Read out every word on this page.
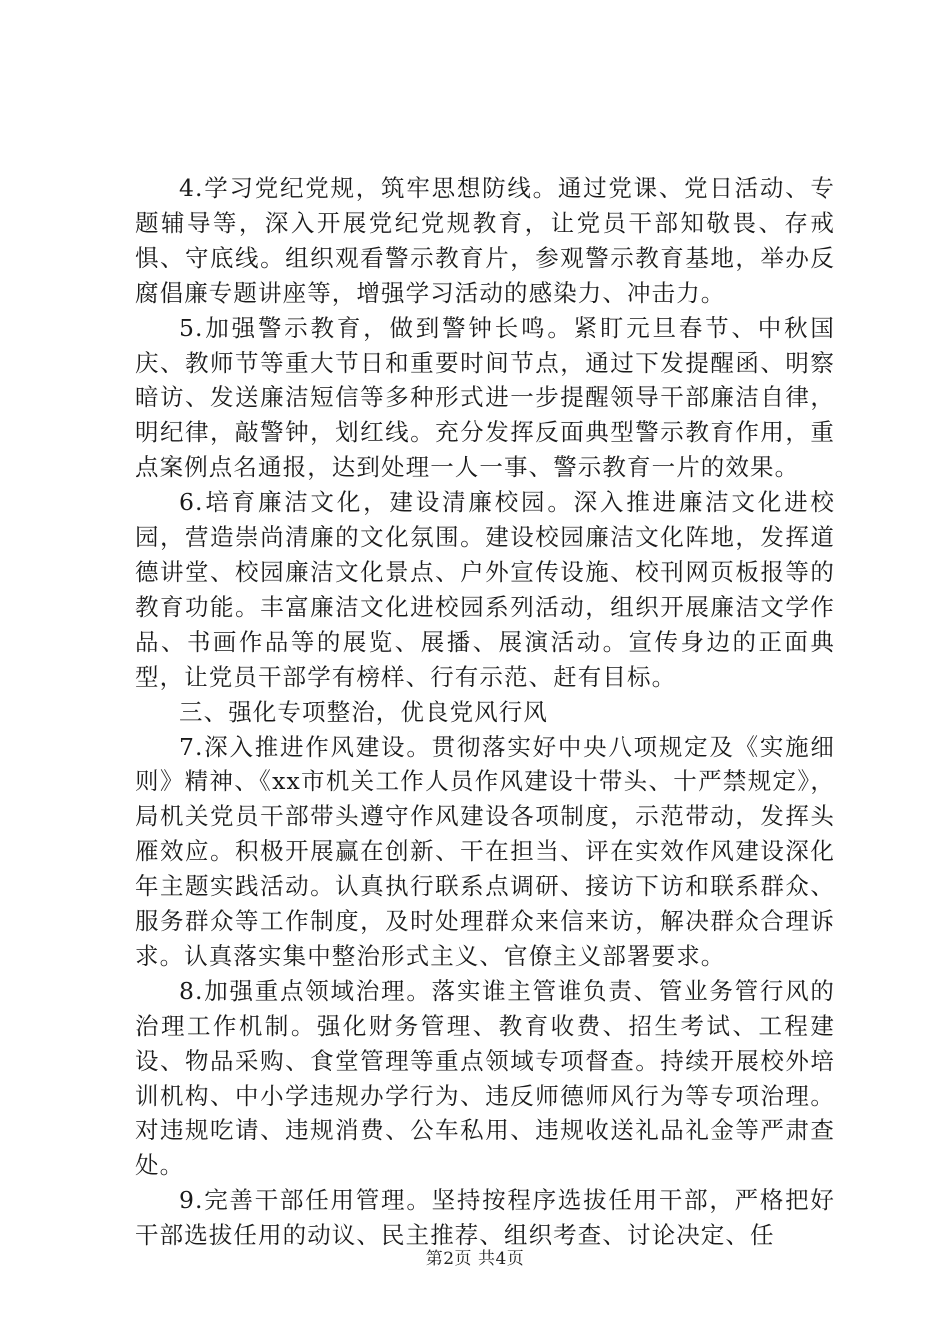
4.学习党纪党规，筑牢思想防线。通过党课、党日活动、专题辅导等，深入开展党纪党规教育，让党员干部知敬畏、存戒惧、守底线。组织观看警示教育片，参观警示教育基地，举办反腐倡廉专题讲座等，增强学习活动的感染力、冲击力。

5.加强警示教育，做到警钟长鸣。紧盯元旦春节、中秋国庆、教师节等重大节日和重要时间节点，通过下发提醒函、明察暗访、发送廉洁短信等多种形式进一步提醒领导干部廉洁自律，明纪律，敲警钟，划红线。充分发挥反面典型警示教育作用，重点案例点名通报，达到处理一人一事、警示教育一片的效果。

6.培育廉洁文化，建设清廉校园。深入推进廉洁文化进校园，营造崇尚清廉的文化氛围。建设校园廉洁文化阵地，发挥道德讲堂、校园廉洁文化景点、户外宣传设施、校刊网页板报等的教育功能。丰富廉洁文化进校园系列活动，组织开展廉洁文学作品、书画作品等的展览、展播、展演活动。宣传身边的正面典型，让党员干部学有榜样、行有示范、赶有目标。

三、强化专项整治，优良党风行风

7.深入推进作风建设。贯彻落实好中央八项规定及《实施细则》精神、《xx市机关工作人员作风建设十带头、十严禁规定》，局机关党员干部带头遵守作风建设各项制度，示范带动，发挥头雁效应。积极开展赢在创新、干在担当、评在实效作风建设深化年主题实践活动。认真执行联系点调研、接访下访和联系群众、服务群众等工作制度，及时处理群众来信来访，解决群众合理诉求。认真落实集中整治形式主义、官僚主义部署要求。

8.加强重点领域治理。落实谁主管谁负责、管业务管行风的治理工作机制。强化财务管理、教育收费、招生考试、工程建设、物品采购、食堂管理等重点领域专项督查。持续开展校外培训机构、中小学违规办学行为、违反师德师风行为等专项治理。对违规吃请、违规消费、公车私用、违规收送礼品礼金等严肃查处。

9.完善干部任用管理。坚持按程序选拔任用干部，严格把好干部选拔任用的动议、民主推荐、组织考查、讨论决定、任

第2页 共4页
